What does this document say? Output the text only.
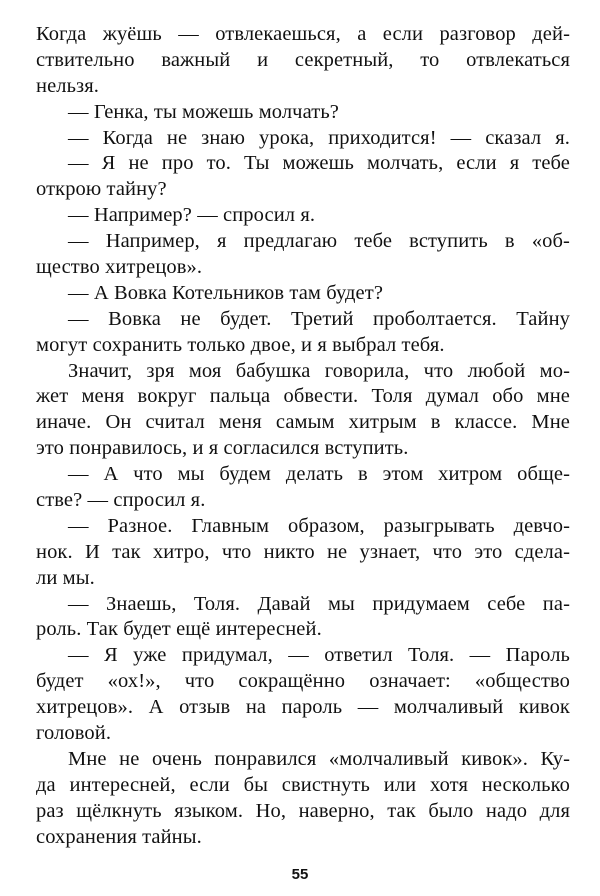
Когда жуёшь — отвлекаешься, а если разговор дей-
ствительно важный и секретный, то отвлекаться
нельзя.
— Генка, ты можешь молчать?
— Когда не знаю урока, приходится! — сказал я.
— Я не про то. Ты можешь молчать, если я тебе
открою тайну?
— Например? — спросил я.
— Например, я предлагаю тебе вступить в «об-
щество хитрецов».
— А Вовка Котельников там будет?
— Вовка не будет. Третий проболтается. Тайну
могут сохранить только двое, и я выбрал тебя.
Значит, зря моя бабушка говорила, что любой мо-
жет меня вокруг пальца обвести. Толя думал обо мне
иначе. Он считал меня самым хитрым в классе. Мне
это понравилось, и я согласился вступить.
— А что мы будем делать в этом хитром обще-
стве? — спросил я.
— Разное. Главным образом, разыгрывать девчо-
нок. И так хитро, что никто не узнает, что это сдела-
ли мы.
— Знаешь, Толя. Давай мы придумаем себе па-
роль. Так будет ещё интересней.
— Я уже придумал, — ответил Толя. — Пароль
будет «ох!», что сокращённо означает: «общество
хитрецов». А отзыв на пароль — молчаливый кивок
головой.
Мне не очень понравился «молчаливый кивок». Ку-
да интересней, если бы свистнуть или хотя несколько
раз щёлкнуть языком. Но, наверно, так было надо для
сохранения тайны.
55
